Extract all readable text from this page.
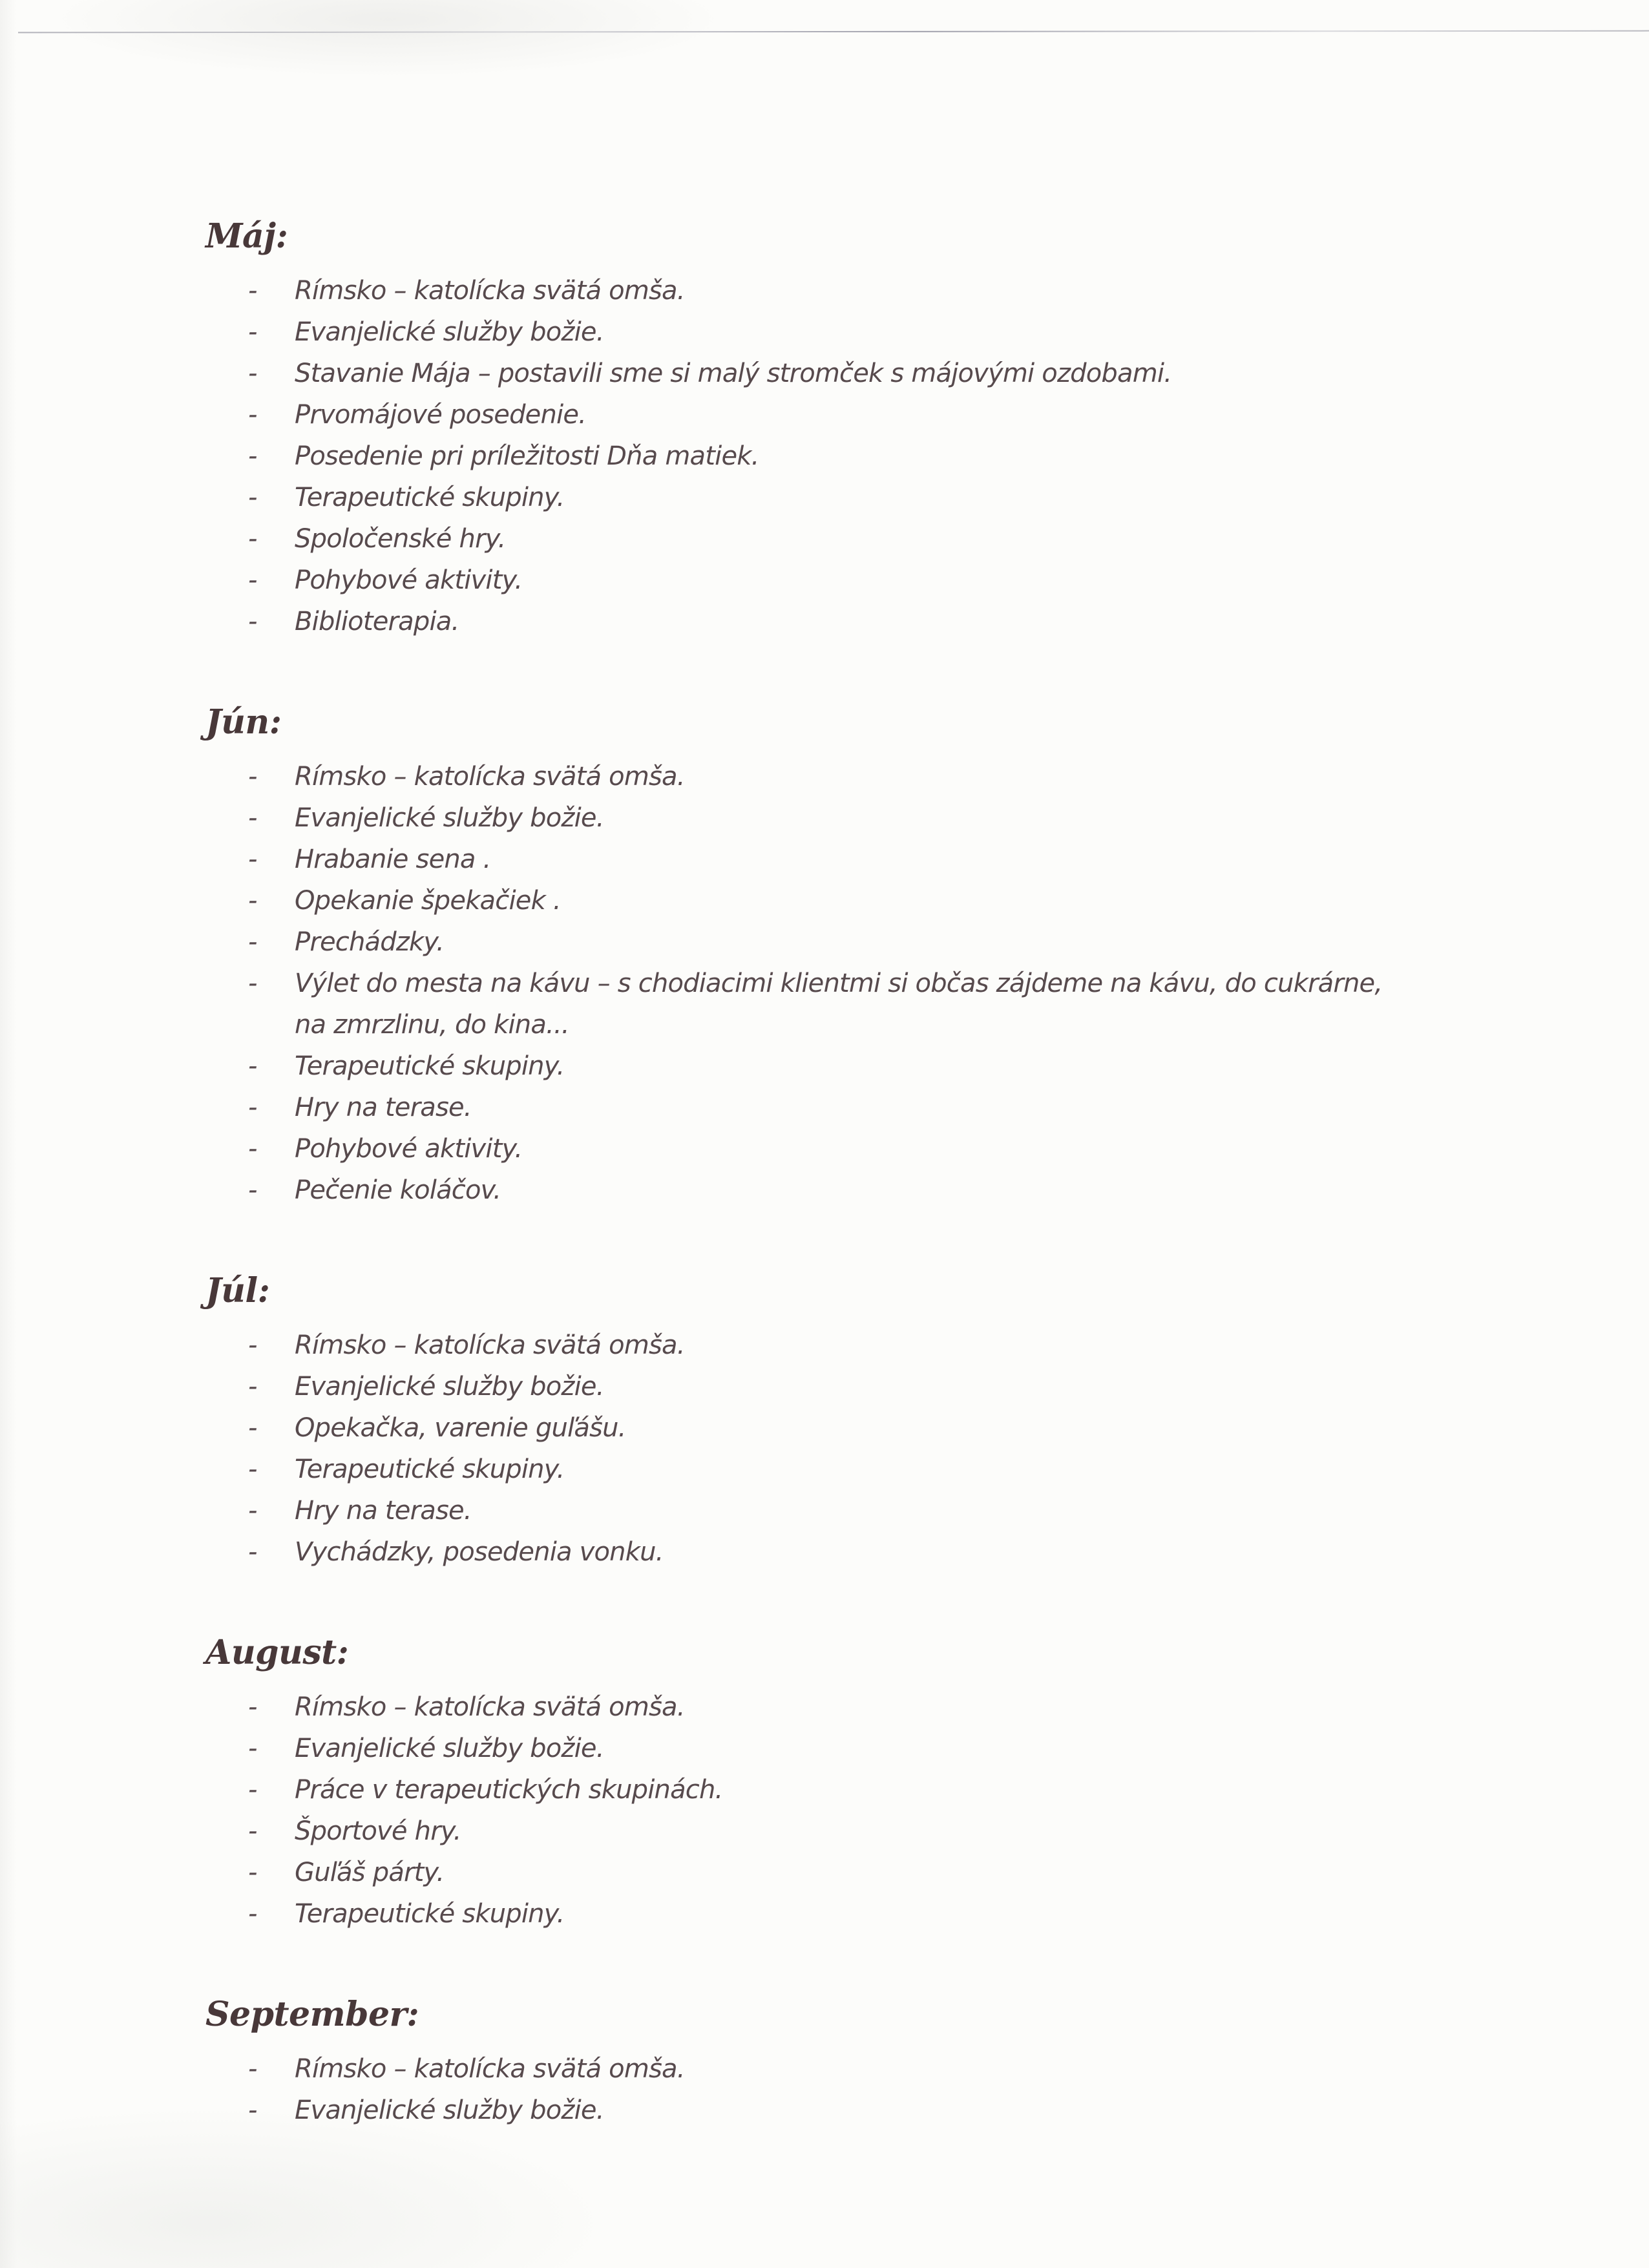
Máj:
-	Rímsko – katolícka svätá omša.
-	Evanjelické služby božie.
-	Stavanie Mája – postavili sme si malý stromček s májovými ozdobami.
-	Prvomájové posedenie.
-	Posedenie pri príležitosti Dňa matiek.
-	Terapeutické skupiny.
-	Spoločenské hry.
-	Pohybové aktivity.
-	Biblioterapia.
Jún:
-	Rímsko – katolícka svätá omša.
-	Evanjelické služby božie.
-	Hrabanie sena .
-	Opekanie špekačiek .
-	Prechádzky.
-	Výlet do mesta na kávu – s chodiacimi klientmi si občas zájdeme na kávu, do cukrárne, na zmrzlinu, do kina...
-	Terapeutické skupiny.
-	Hry na terase.
-	Pohybové aktivity.
-	Pečenie koláčov.
Júl:
-	Rímsko – katolícka svätá omša.
-	Evanjelické služby božie.
-	Opekačka, varenie guľášu.
-	Terapeutické skupiny.
-	Hry na terase.
-	Vychádzky, posedenia vonku.
August:
-	Rímsko – katolícka svätá omša.
-	Evanjelické služby božie.
-	Práce v terapeutických skupinách.
-	Športové hry.
-	Guľáš párty.
-	Terapeutické skupiny.
September:
-	Rímsko – katolícka svätá omša.
-	Evanjelické služby božie.
